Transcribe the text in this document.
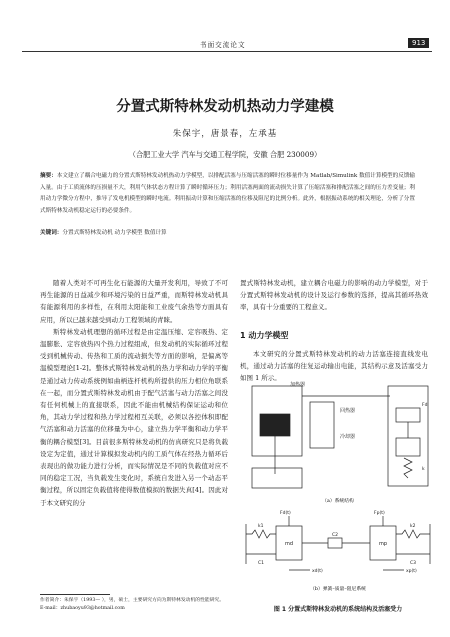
书面交流论文	913
分置式斯特林发动机热动力学建模
朱保宇，唐景春，左承基
（合肥工业大学 汽车与交通工程学院，安徽 合肥 230009）
摘要：本文建立了耦合电磁力的分置式斯特林发动机热动力学模型，以排配活塞与压缩活塞的瞬时位移量作为 Matlab/Simulink 数值计算模型的反馈输入量。由于工质流体的压损量不大，利用气体状态方程计算了瞬时循环压力；利用活塞两面的流动损失计算了压缩活塞和排配活塞之间的压力差变量；利用动力学微分方程中，推导了发电机模型的瞬时电流。利用振动计算和压缩活塞的位移及阻尼的比例分析。此外，根据振动系统的相关理论，分析了分置式斯特林发动机稳定运行的必要条件。
关键词：分置式斯特林发动机 动力学模型 数值计算

随着人类对不可再生化石能源的大量开发利用，导致了不可再生能源的日益减少和环境污染的日益严重，而斯特林发动机具有能源利用的多样性，在利用太阳能和工业废气余热等方面具有应用，所以已越来越受到动力工程领域的青睐。

斯特林发动机理想的循环过程是由定温压缩、定容吸热、定温膨胀、定容放热四个热力过程组成，但发动机的实际循环过程受到机械传动、传热和工质的流动损失等方面的影响，是偏离等温模型理论[1-2]。整体式斯特林发动机的热力学和动力学的平衡是通过动力传动系统例如曲柄连杆机构所提供的压力相位角联系在一起，而分置式斯特林发动机由于配气活塞与动力活塞之间没有任何机械上的直接联系，因此不能由机械结构保证运动和位角，其动力学过程和热力学过程相互关联，必须以各控体积即配气活塞和动力活塞的位移量为中心，建立热力学平衡和动力学平衡的耦合模型[3]。目前很多斯特林发动机的仿真研究只是将负载设定为定值，通过计算模拟发动机内的工质气体在经热力循环后表现出的做功能力进行分析，而实际情况是不同的负载值对应不同的稳定工况，当负载发生变化时，系统自发进入另一个动态平衡过程，所以固定负载值将使得数值模拟的数据失真[4]。因此对于本文研究的分

置式斯特林发动机，建立耦合电磁力的影响的动力学模型，对于分置式斯特林发动机的设计及运行参数的选择，提高其循环热效率，具有十分重要的工程意义。

1 动力学模型

本文研究的分置式斯特林发动机的动力活塞连接直线发电机，通过动力活塞的往复运动输出电能，其结构示意及活塞受力如图 1 所示。

加热器
回热器
冷却器
Fd
k
（a）系统结构
Fd(t)	Fp(t)
md	mp
k1
C1
C2
k2
C3
xd(t)	xp(t)
（b）弹簧–质量–阻尼系统
图 1 分置式斯特林发动机的系统结构及活塞受力
作者简介：朱保宇（1993— ），男，硕士，主要研究方向为斯特林发动机的性能研究。
E-mail：zhubaoyu93@hotmail.com
